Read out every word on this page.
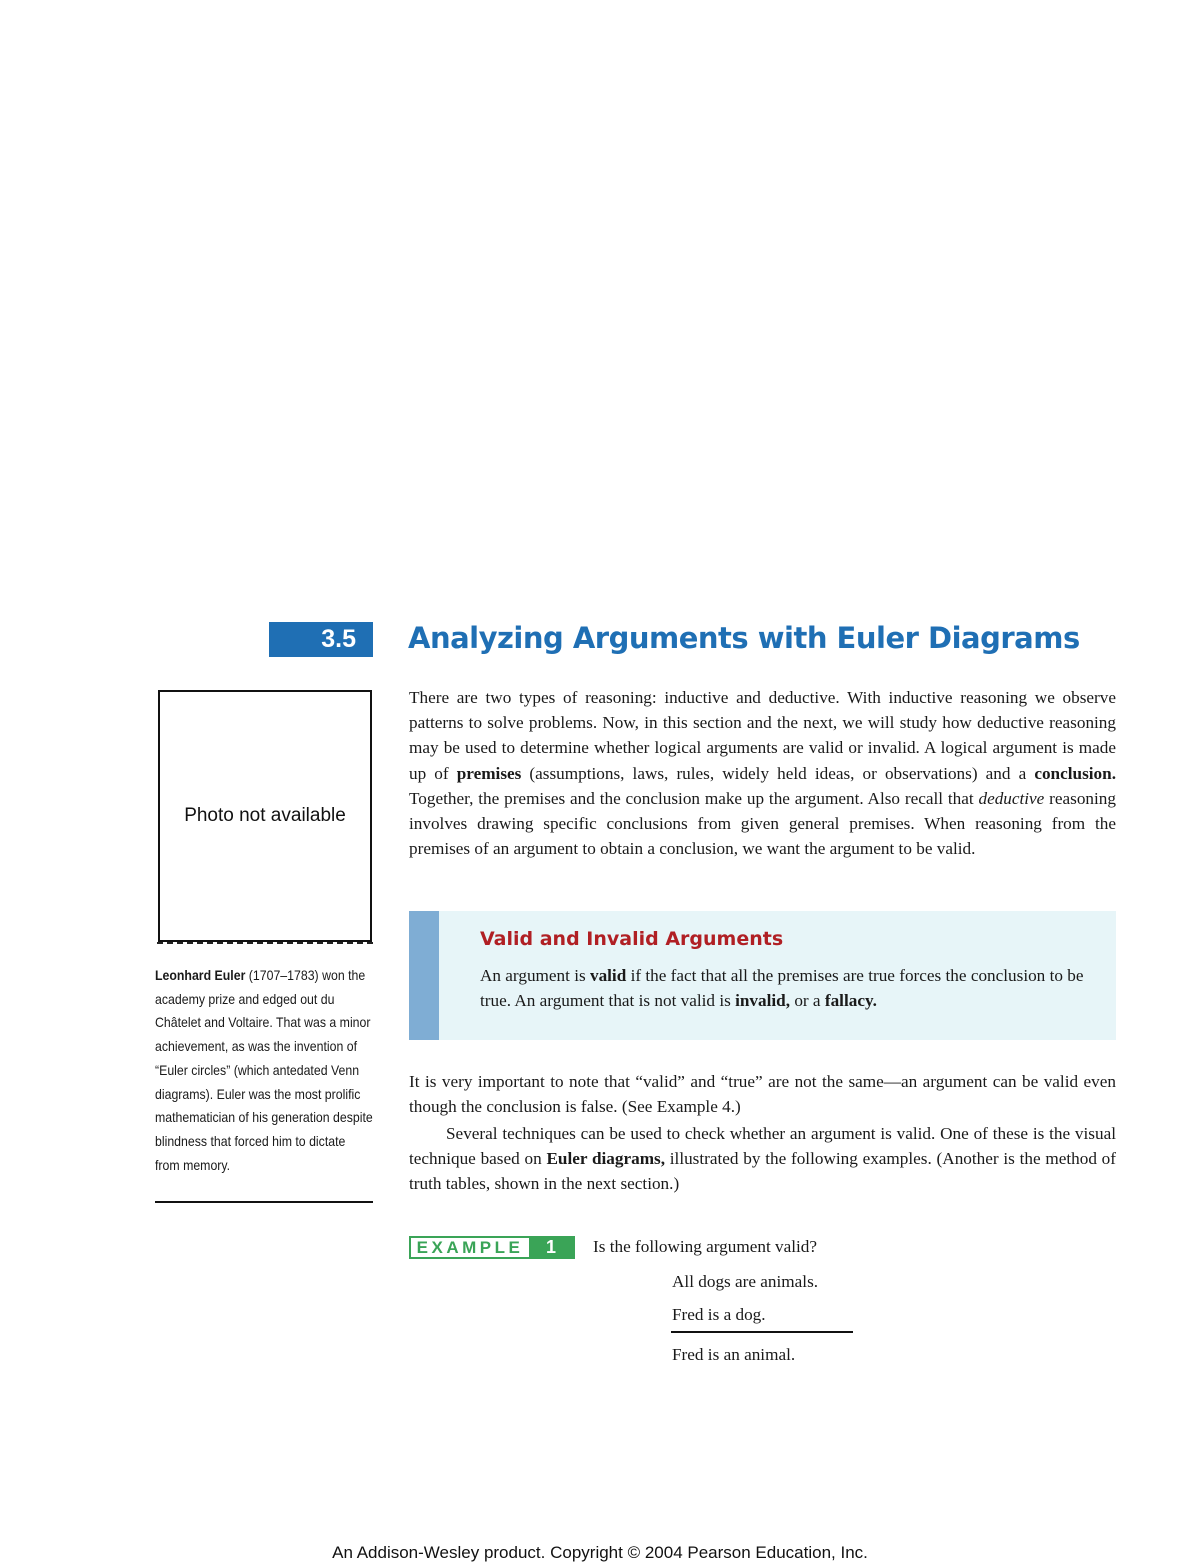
3.5	Analyzing Arguments with Euler Diagrams
Photo not available
Leonhard Euler (1707–1783) won the academy prize and edged out du Châtelet and Voltaire. That was a minor achievement, as was the invention of “Euler circles” (which antedated Venn diagrams). Euler was the most prolific mathematician of his generation despite blindness that forced him to dictate from memory.
There are two types of reasoning: inductive and deductive. With inductive reasoning we observe patterns to solve problems. Now, in this section and the next, we will study how deductive reasoning may be used to determine whether logical arguments are valid or invalid. A logical argument is made up of premises (assumptions, laws, rules, widely held ideas, or observations) and a conclusion. Together, the premises and the conclusion make up the argument. Also recall that deductive reasoning involves drawing specific conclusions from given general premises. When reasoning from the premises of an argument to obtain a conclusion, we want the argument to be valid.
Valid and Invalid Arguments
An argument is valid if the fact that all the premises are true forces the conclusion to be true. An argument that is not valid is invalid, or a fallacy.
It is very important to note that “valid” and “true” are not the same—an argument can be valid even though the conclusion is false. (See Example 4.)
Several techniques can be used to check whether an argument is valid. One of these is the visual technique based on Euler diagrams, illustrated by the following examples. (Another is the method of truth tables, shown in the next section.)
EXAMPLE	1	Is the following argument valid?
All dogs are animals.
Fred is a dog.
Fred is an animal.
An Addison-Wesley product. Copyright © 2004 Pearson Education, Inc.
